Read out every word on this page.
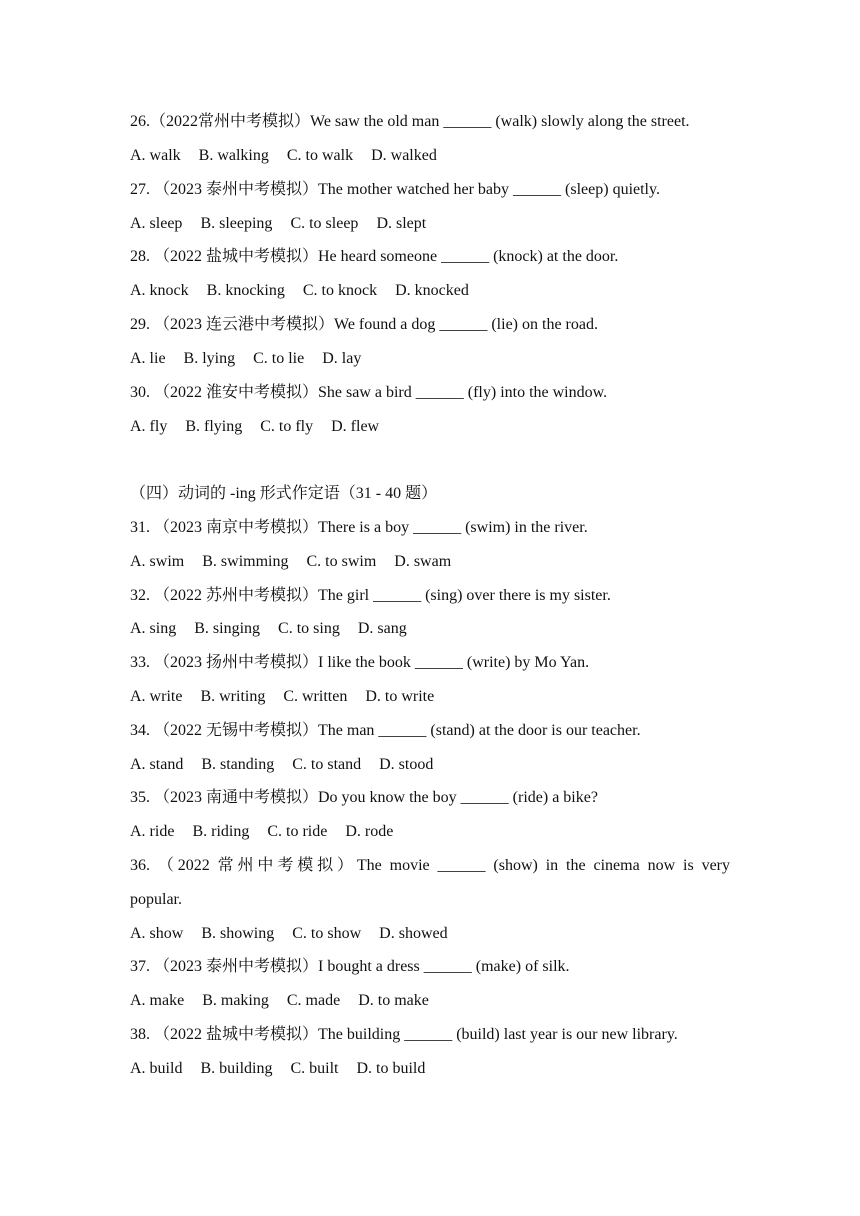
26.（2022常州中考模拟）We saw the old man ______ (walk) slowly along the street.
A. walk B. walking C. to walk D. walked
27. （2023 泰州中考模拟）The mother watched her baby ______ (sleep) quietly.
A. sleep B. sleeping C. to sleep D. slept
28. （2022 盐城中考模拟）He heard someone ______ (knock) at the door.
A. knock B. knocking C. to knock D. knocked
29. （2023 连云港中考模拟）We found a dog ______ (lie) on the road.
A. lie B. lying C. to lie D. lay
30. （2022 淮安中考模拟）She saw a bird ______ (fly) into the window.
A. fly B. flying C. to fly D. flew
（四）动词的 -ing 形式作定语（31 - 40 题）
31. （2023 南京中考模拟）There is a boy ______ (swim) in the river.
A. swim B. swimming C. to swim D. swam
32. （2022 苏州中考模拟）The girl ______ (sing) over there is my sister.
A. sing B. singing C. to sing D. sang
33. （2023 扬州中考模拟）I like the book ______ (write) by Mo Yan.
A. write B. writing C. written D. to write
34. （2022 无锡中考模拟）The man ______ (stand) at the door is our teacher.
A. stand B. standing C. to stand D. stood
35. （2023 南通中考模拟）Do you know the boy ______ (ride) a bike?
A. ride B. riding C. to ride D. rode
36. （2022 常州中考模拟）The movie ______ (show) in the cinema now is very
popular.
A. show B. showing C. to show D. showed
37. （2023 泰州中考模拟）I bought a dress ______ (make) of silk.
A. make B. making C. made D. to make
38. （2022 盐城中考模拟）The building ______ (build) last year is our new library.
A. build B. building C. built D. to build
